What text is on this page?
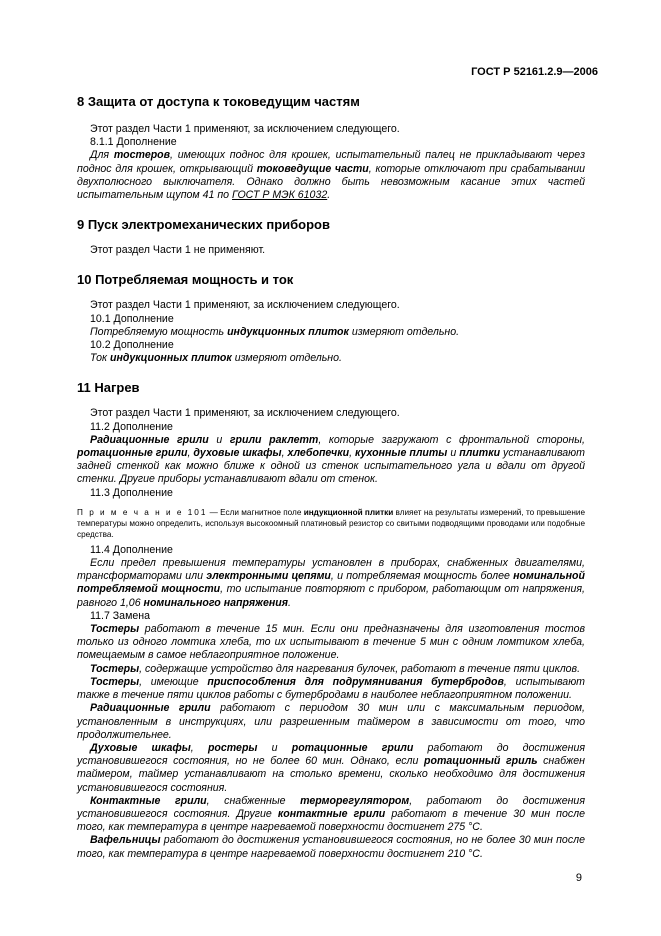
ГОСТ Р 52161.2.9—2006
8 Защита от доступа к токоведущим частям

Этот раздел Части 1 применяют, за исключением следующего.

8.1.1 Дополнение

Для тостеров, имеющих поднос для крошек, испытательный палец не прикладывают через поднос для крошек, открывающий токоведущие части, которые отключают при срабатывании двухполюсного выключателя. Однако должно быть невозможным касание этих частей испытательным щупом 41 по ГОСТ Р МЭК 61032.

9 Пуск электромеханических приборов

Этот раздел Части 1 не применяют.

10 Потребляемая мощность и ток

Этот раздел Части 1 применяют, за исключением следующего.

10.1 Дополнение

Потребляемую мощность индукционных плиток измеряют отдельно.

10.2 Дополнение

Ток индукционных плиток измеряют отдельно.

11 Нагрев

Этот раздел Части 1 применяют, за исключением следующего.

11.2 Дополнение

Радиационные грили и грили раклетт, которые загружают с фронтальной стороны, ротационные грили, духовые шкафы, хлебопечки, кухонные плиты и плитки устанавливают задней стенкой как можно ближе к одной из стенок испытательного угла и вдали от другой стенки. Другие приборы устанавливают вдали от стенок.

11.3 Дополнение

П р и м е ч а н и е 101 — Если магнитное поле индукционной плитки влияет на результаты измерений, то превышение температуры можно определить, используя высокоомный платиновый резистор со свитыми подводящими проводами или подобные средства.

11.4 Дополнение

Если предел превышения температуры установлен в приборах, снабженных двигателями, трансформаторами или электронными цепями, и потребляемая мощность более номинальной потребляемой мощности, то испытание повторяют с прибором, работающим от напряжения, равного 1,06 номинального напряжения.

11.7 Замена

Тостеры работают в течение 15 мин. Если они предназначены для изготовления тостов только из одного ломтика хлеба, то их испытывают в течение 5 мин с одним ломтиком хлеба, помещаемым в самое неблагоприятное положение.

Тостеры, содержащие устройство для нагревания булочек, работают в течение пяти циклов.

Тостеры, имеющие приспособления для подрумянивания бутербродов, испытывают также в течение пяти циклов работы с бутербродами в наиболее неблагоприятном положении.

Радиационные грили работают с периодом 30 мин или с максимальным периодом, установленным в инструкциях, или разрешенным таймером в зависимости от того, что продолжительнее.

Духовые шкафы, ростеры и ротационные грили работают до достижения установившегося состояния, но не более 60 мин. Однако, если ротационный гриль снабжен таймером, таймер устанавливают на столько времени, сколько необходимо для достижения установившегося состояния.

Контактные грили, снабженные терморегулятором, работают до достижения установившегося состояния. Другие контактные грили работают в течение 30 мин после того, как температура в центре нагреваемой поверхности достигнет 275 °С.

Вафельницы работают до достижения установившегося состояния, но не более 30 мин после того, как температура в центре нагреваемой поверхности достигнет 210 °С.

9
